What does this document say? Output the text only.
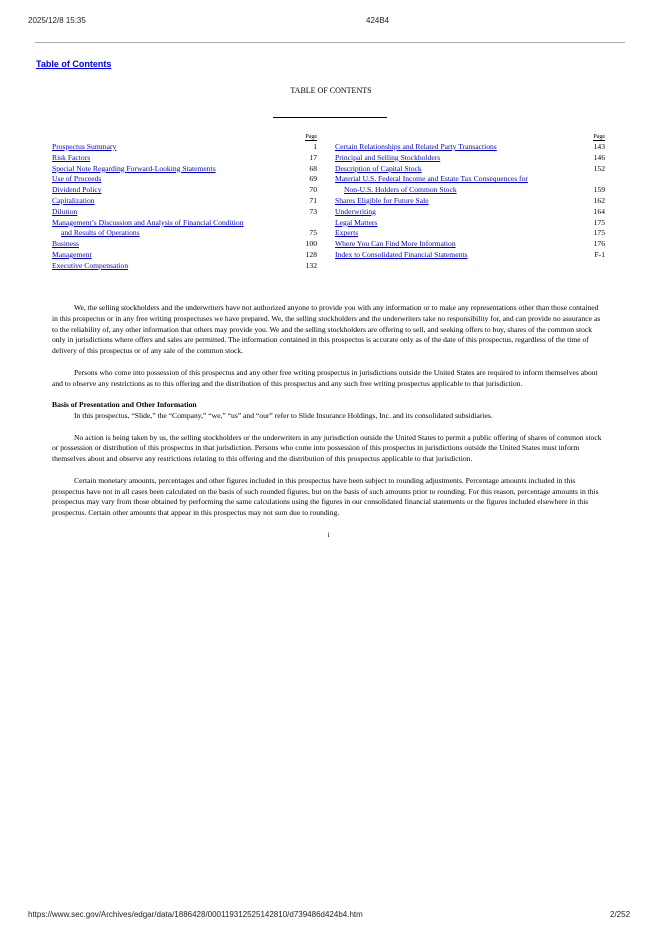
2025/12/8 15:35	424B4
Table of Contents
TABLE OF CONTENTS
Page
Prospectus Summary	1
Risk Factors	17
Special Note Regarding Forward-Looking Statements	68
Use of Proceeds	69
Dividend Policy	70
Capitalization	71
Dilution	73
Management’s Discussion and Analysis of Financial Condition
and Results of Operations	75
Business	100
Management	128
Executive Compensation	132
Page
Certain Relationships and Related Party Transactions	143
Principal and Selling Stockholders	146
Description of Capital Stock	152
Material U.S. Federal Income and Estate Tax Consequences for
Non-U.S. Holders of Common Stock	159
Shares Eligible for Future Sale	162
Underwriting	164
Legal Matters	175
Experts	175
Where You Can Find More Information	176
Index to Consolidated Financial Statements	F-1

We, the selling stockholders and the underwriters have not authorized anyone to provide you with any information or to make any representations other than those contained in this prospectus or in any free writing prospectuses we have prepared. We, the selling stockholders and the underwriters take no responsibility for, and can provide no assurance as to the reliability of, any other information that others may provide you. We and the selling stockholders are offering to sell, and seeking offers to buy, shares of the common stock only in jurisdictions where offers and sales are permitted. The information contained in this prospectus is accurate only as of the date of this prospectus, regardless of the time of delivery of this prospectus or of any sale of the common stock.

Persons who come into possession of this prospectus and any other free writing prospectus in jurisdictions outside the United States are required to inform themselves about and to observe any restrictions as to this offering and the distribution of this prospectus and any such free writing prospectus applicable to that jurisdiction.

Basis of Presentation and Other Information

In this prospectus, “Slide,” the “Company,” “we,” “us” and “our” refer to Slide Insurance Holdings, Inc. and its consolidated subsidiaries.

No action is being taken by us, the selling stockholders or the underwriters in any jurisdiction outside the United States to permit a public offering of shares of common stock or possession or distribution of this prospectus in that jurisdiction. Persons who come into possession of this prospectus in jurisdictions outside the United States must inform themselves about and observe any restrictions relating to this offering and the distribution of this prospectus applicable to that jurisdiction.

Certain monetary amounts, percentages and other figures included in this prospectus have been subject to rounding adjustments. Percentage amounts included in this prospectus have not in all cases been calculated on the basis of such rounded figures, but on the basis of such amounts prior to rounding. For this reason, percentage amounts in this prospectus may vary from those obtained by performing the same calculations using the figures in our consolidated financial statements or the figures included elsewhere in this prospectus. Certain other amounts that appear in this prospectus may not sum due to rounding.

i

https://www.sec.gov/Archives/edgar/data/1886428/000119312525142810/d739486d424b4.htm	2/252
